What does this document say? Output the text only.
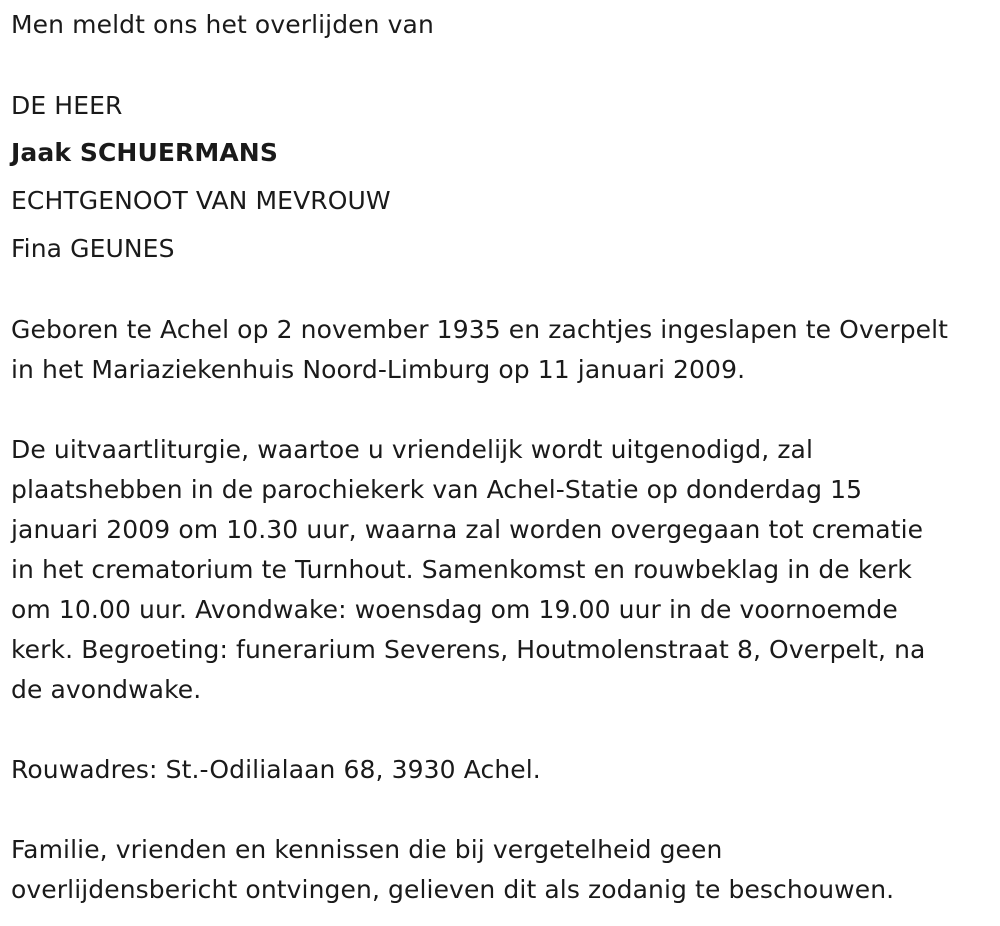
Men meldt ons het overlijden van
DE HEER
Jaak SCHUERMANS
ECHTGENOOT VAN MEVROUW
Fina GEUNES
Geboren te Achel op 2 november 1935 en zachtjes ingeslapen te Overpelt
in het Mariaziekenhuis Noord-Limburg op 11 januari 2009.
De uitvaartliturgie, waartoe u vriendelijk wordt uitgenodigd, zal
plaatshebben in de parochiekerk van Achel-Statie op donderdag 15
januari 2009 om 10.30 uur, waarna zal worden overgegaan tot crematie
in het crematorium te Turnhout. Samenkomst en rouwbeklag in de kerk
om 10.00 uur. Avondwake: woensdag om 19.00 uur in de voornoemde
kerk. Begroeting: funerarium Severens, Houtmolenstraat 8, Overpelt, na
de avondwake.
Rouwadres: St.-Odilialaan 68, 3930 Achel.
Familie, vrienden en kennissen die bij vergetelheid geen
overlijdensbericht ontvingen, gelieven dit als zodanig te beschouwen.
